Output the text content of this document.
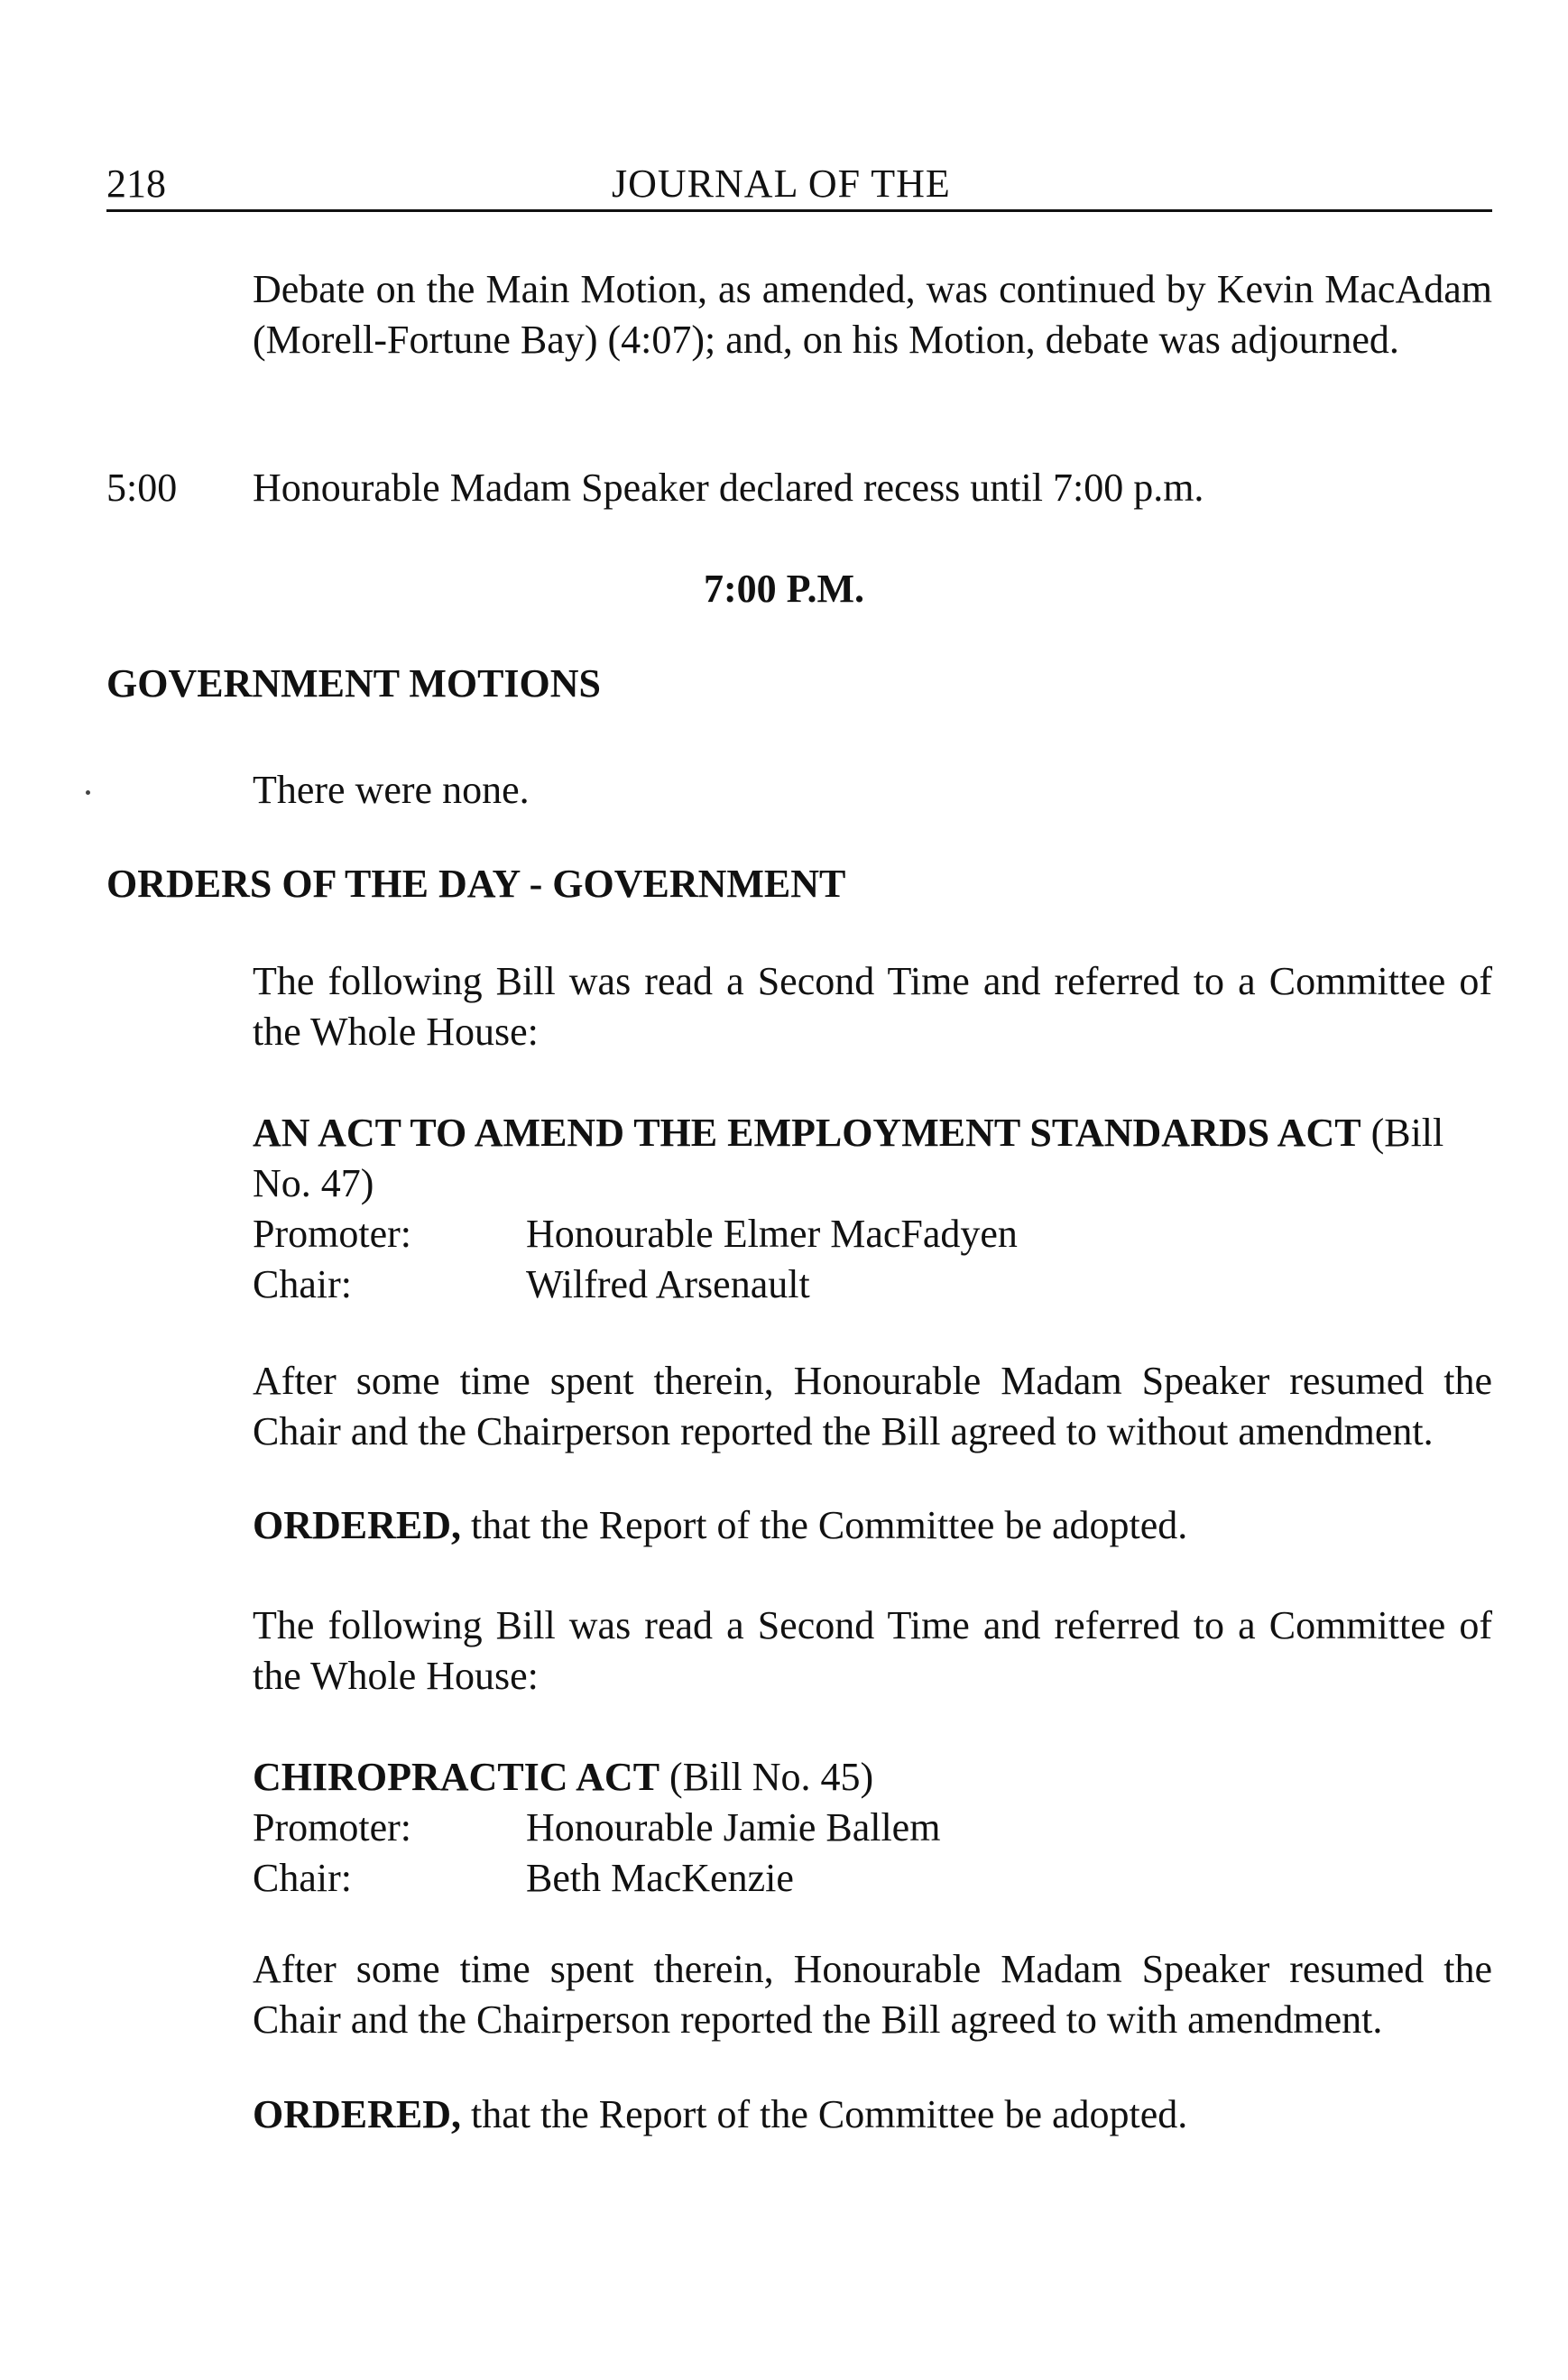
218	JOURNAL OF THE
Debate on the Main Motion, as amended, was continued by Kevin MacAdam (Morell-Fortune Bay) (4:07); and, on his Motion, debate was adjourned.
5:00 Honourable Madam Speaker declared recess until 7:00 p.m.
7:00 P.M.
GOVERNMENT MOTIONS
There were none.
ORDERS OF THE DAY - GOVERNMENT
The following Bill was read a Second Time and referred to a Committee of the Whole House:
AN ACT TO AMEND THE EMPLOYMENT STANDARDS ACT (Bill
No. 47)
Promoter:	Honourable Elmer MacFadyen
Chair:	Wilfred Arsenault
After some time spent therein, Honourable Madam Speaker resumed the Chair and the Chairperson reported the Bill agreed to without amendment.
ORDERED, that the Report of the Committee be adopted.
The following Bill was read a Second Time and referred to a Committee of the Whole House:
CHIROPRACTIC ACT (Bill No. 45)
Promoter:	Honourable Jamie Ballem
Chair:	Beth MacKenzie
After some time spent therein, Honourable Madam Speaker resumed the Chair and the Chairperson reported the Bill agreed to with amendment.
ORDERED, that the Report of the Committee be adopted.
